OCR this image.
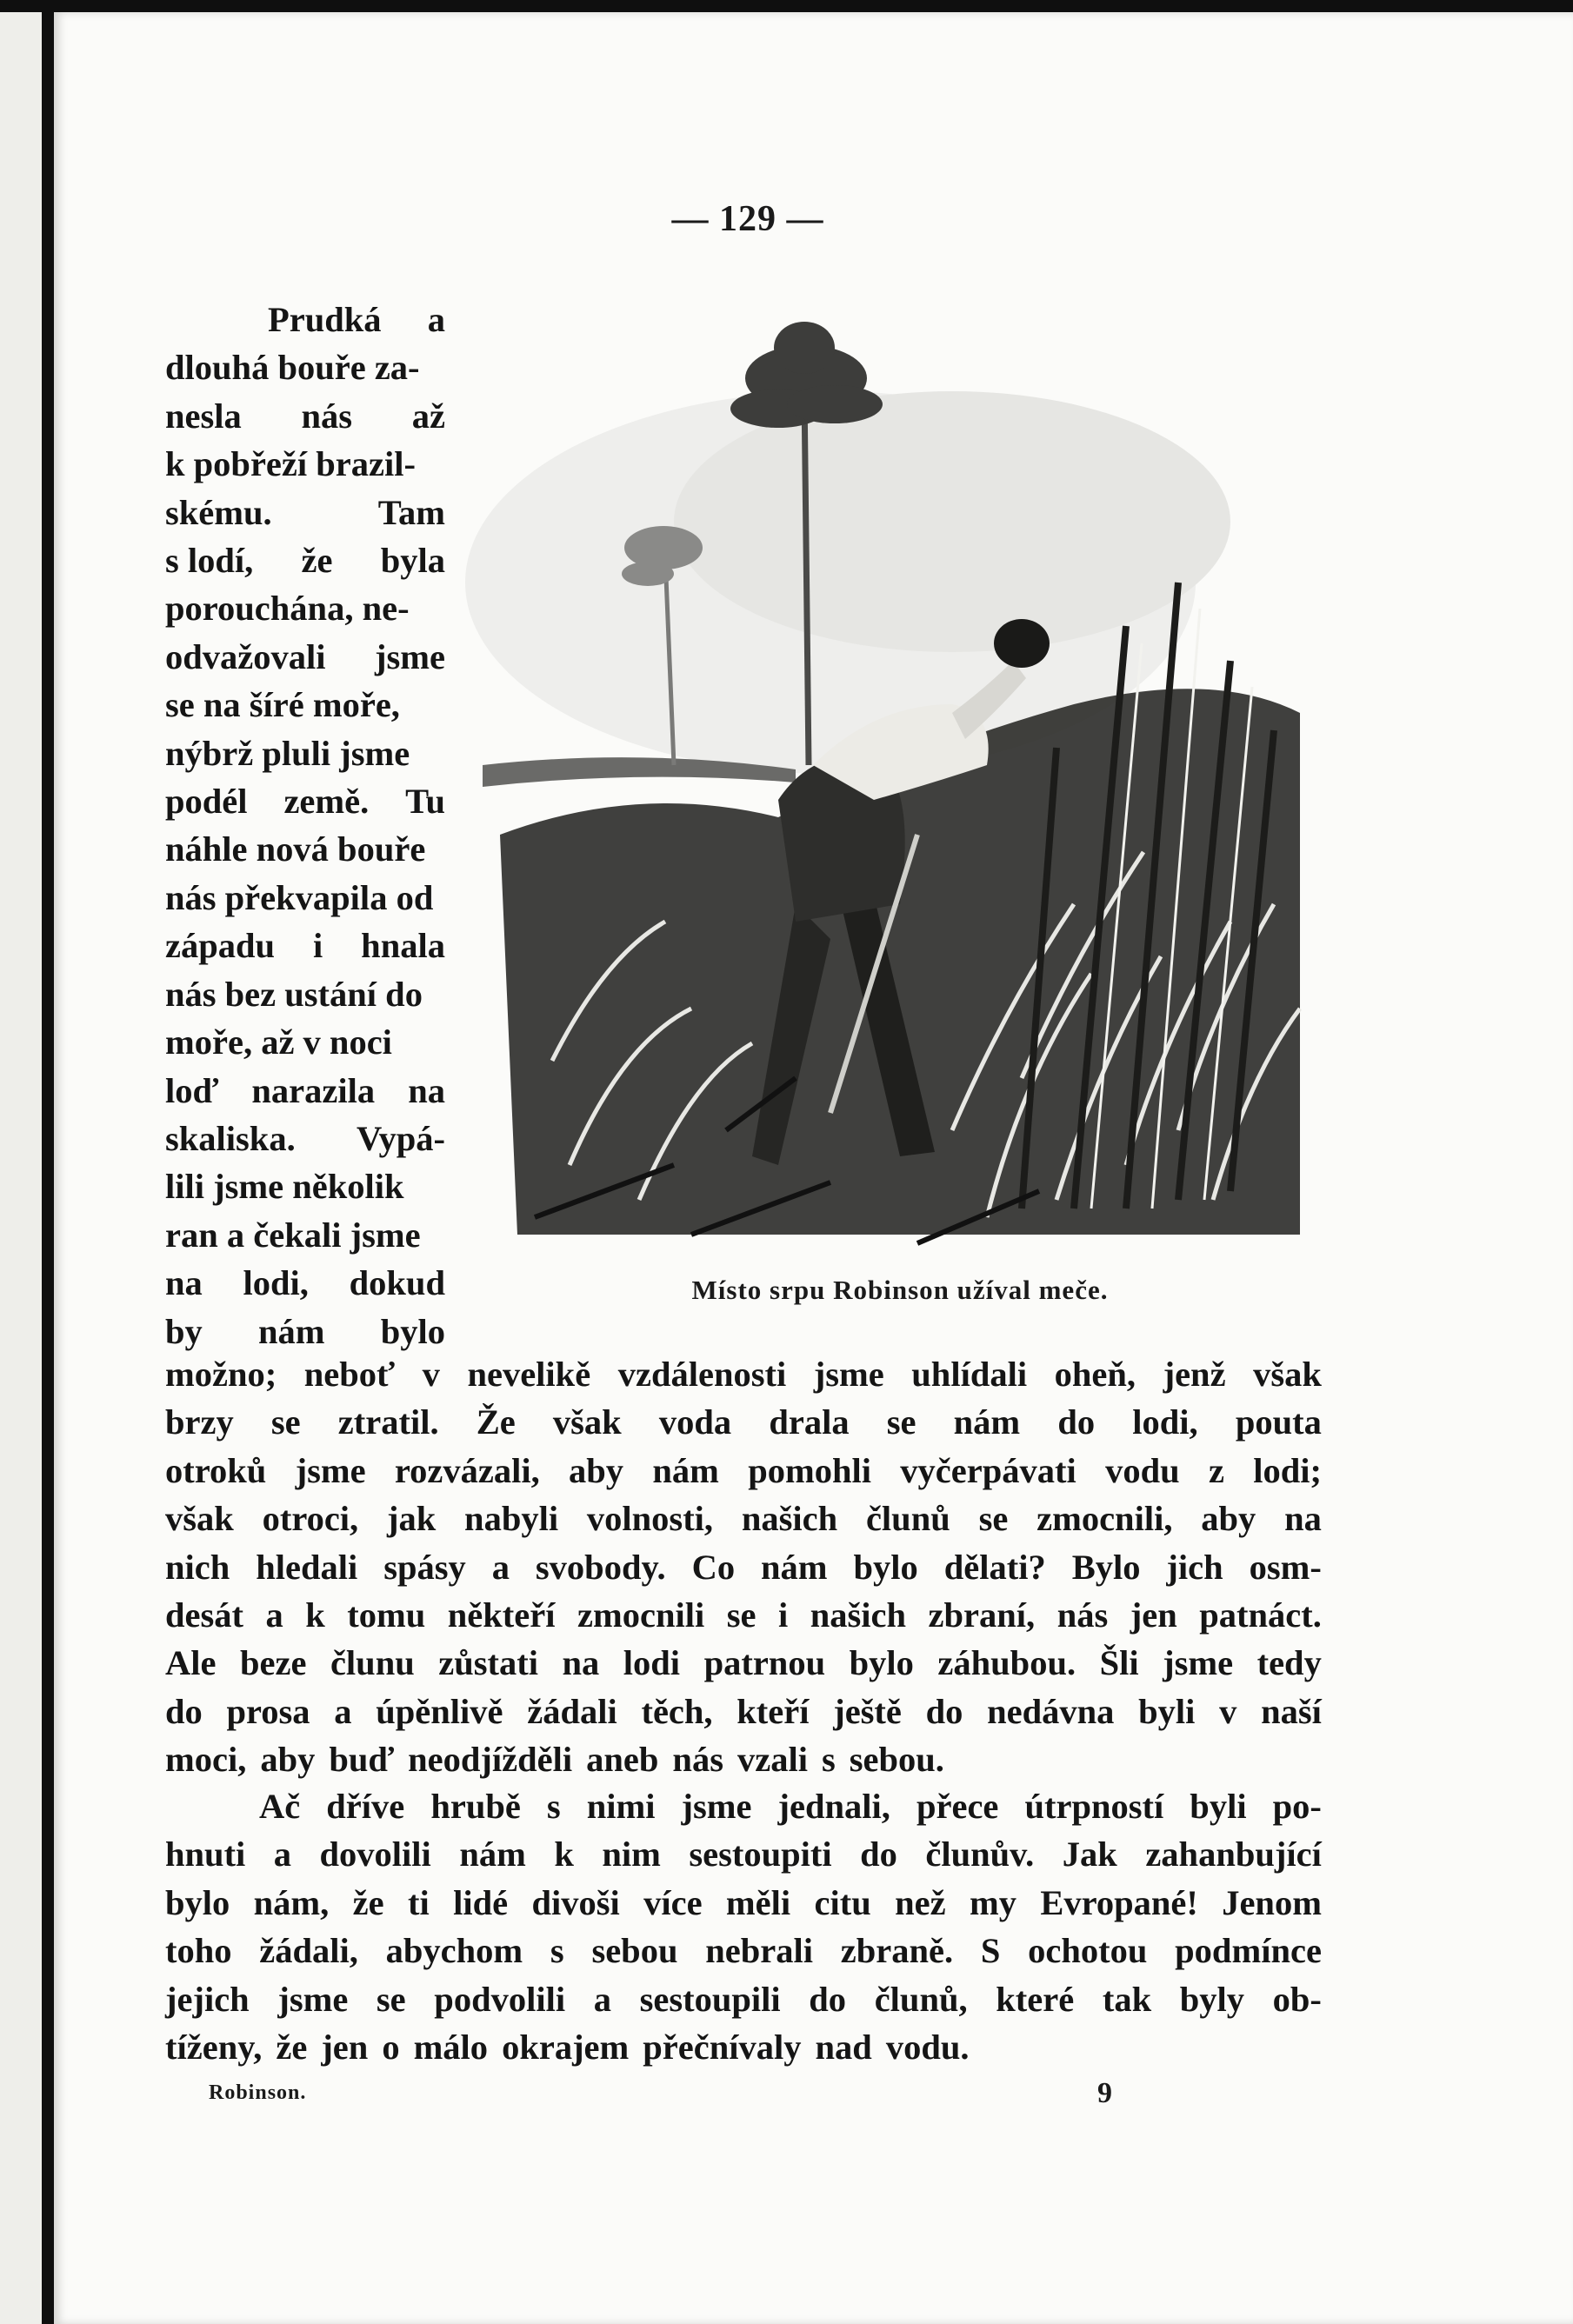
— 129 —
Místo srpu Robinson užíval meče.
Prudká a
dlouhá bouře za-
nesla nás až
k pobřeží brazil-
skému.	Tam
s lodí, že byla
porouchána, ne-
odvažovali jsme
se na šíré moře,
nýbrž pluli jsme
podél země. Tu
náhle nová bouře
nás překvapila od
západu i hnala
nás bez ustání do
moře, až v noci
loď narazila na
skaliska. Vypá-
lili jsme několik
ran a čekali jsme
na lodi, dokud
by nám bylo
možno; neboť v nevelikě vzdálenosti jsme uhlídali oheň, jenž však
brzy se ztratil. Že však voda drala se nám do lodi, pouta
otroků jsme rozvázali, aby nám pomohli vyčerpávati vodu z lodi;
však otroci, jak nabyli volnosti, našich člunů se zmocnili, aby na
nich hledali spásy a svobody. Co nám bylo dělati? Bylo jich osm-
desát a k tomu někteří zmocnili se i našich zbraní, nás jen patnáct.
Ale beze člunu zůstati na lodi patrnou bylo záhubou. Šli jsme tedy
do prosa a úpěnlivě žádali těch, kteří ještě do nedávna byli v naší
moci, aby buď neodjížděli aneb nás vzali s sebou.
Ač dříve hrubě s nimi jsme jednali, přece útrpností byli po-
hnuti a dovolili nám k nim sestoupiti do člunův. Jak zahanbující
bylo nám, že ti lidé divoši více měli citu než my Evropané! Jenom
toho žádali, abychom s sebou nebrali zbraně. S ochotou podmínce
jejich jsme se podvolili a sestoupili do člunů, které tak byly ob-
tíženy, že jen o málo okrajem přečnívaly nad vodu.
Robinson.	9
